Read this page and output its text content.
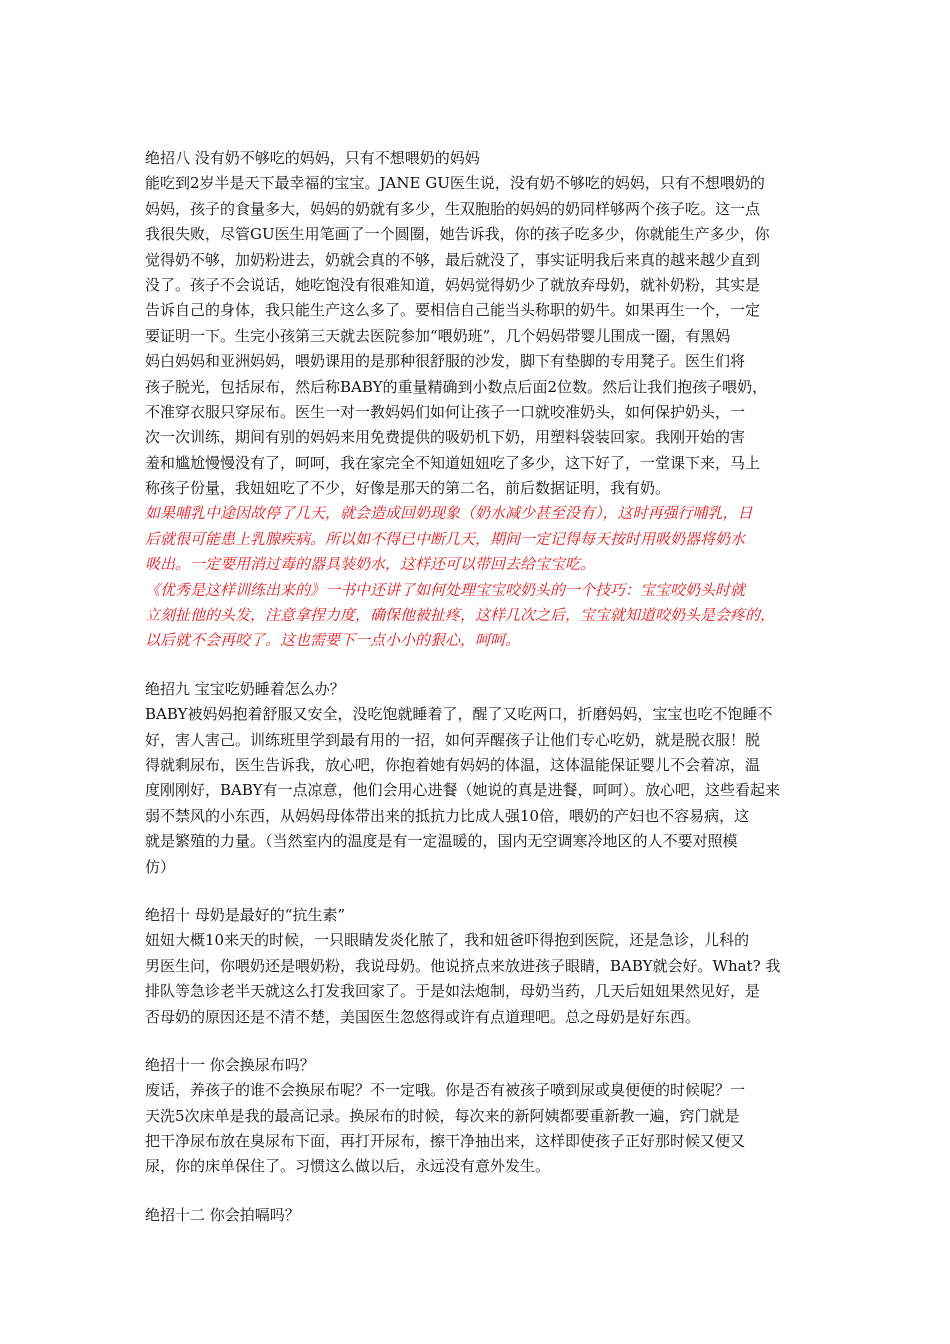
绝招八 没有奶不够吃的妈妈，只有不想喂奶的妈妈
能吃到2岁半是天下最幸福的宝宝。JANE GU医生说，没有奶不够吃的妈妈，只有不想喂奶的
妈妈，孩子的食量多大，妈妈的奶就有多少，生双胞胎的妈妈的奶同样够两个孩子吃。这一点
我很失败，尽管GU医生用笔画了一个圆圈，她告诉我，你的孩子吃多少，你就能生产多少，你
觉得奶不够，加奶粉进去，奶就会真的不够，最后就没了，事实证明我后来真的越来越少直到
没了。孩子不会说话，她吃饱没有很难知道，妈妈觉得奶少了就放弃母奶，就补奶粉，其实是
告诉自己的身体，我只能生产这么多了。要相信自己能当头称职的奶牛。如果再生一个，一定
要证明一下。生完小孩第三天就去医院参加“喂奶班”，几个妈妈带婴儿围成一圈，有黑妈
妈白妈妈和亚洲妈妈，喂奶课用的是那种很舒服的沙发，脚下有垫脚的专用凳子。医生们将
孩子脱光，包括尿布，然后称BABY的重量精确到小数点后面2位数。然后让我们抱孩子喂奶，
不准穿衣服只穿尿布。医生一对一教妈妈们如何让孩子一口就咬准奶头，如何保护奶头，一
次一次训练，期间有别的妈妈来用免费提供的吸奶机下奶，用塑料袋装回家。我刚开始的害
羞和尴尬慢慢没有了，呵呵，我在家完全不知道妞妞吃了多少，这下好了，一堂课下来，马上
称孩子份量，我妞妞吃了不少，好像是那天的第二名，前后数据证明，我有奶。
如果哺乳中途因故停了几天，就会造成回奶现象（奶水减少甚至没有），这时再强行哺乳，日
后就很可能患上乳腺疾病。所以如不得已中断几天，期间一定记得每天按时用吸奶器将奶水
吸出。一定要用消过毒的器具装奶水，这样还可以带回去给宝宝吃。
《优秀是这样训练出来的》一书中还讲了如何处理宝宝咬奶头的一个技巧：宝宝咬奶头时就
立刻扯他的头发，注意拿捏力度，确保他被扯疼，这样几次之后，宝宝就知道咬奶头是会疼的，
以后就不会再咬了。这也需要下一点小小的狠心，呵呵。
绝招九 宝宝吃奶睡着怎么办？
BABY被妈妈抱着舒服又安全，没吃饱就睡着了，醒了又吃两口，折磨妈妈，宝宝也吃不饱睡不
好，害人害己。训练班里学到最有用的一招，如何弄醒孩子让他们专心吃奶，就是脱衣服！脱
得就剩尿布，医生告诉我，放心吧，你抱着她有妈妈的体温，这体温能保证婴儿不会着凉，温
度刚刚好，BABY有一点凉意，他们会用心进餐（她说的真是进餐，呵呵）。放心吧，这些看起来
弱不禁风的小东西，从妈妈母体带出来的抵抗力比成人强10倍，喂奶的产妇也不容易病，这
就是繁殖的力量。（当然室内的温度是有一定温暖的，国内无空调寒冷地区的人不要对照模
仿）
绝招十 母奶是最好的“抗生素”
妞妞大概10来天的时候，一只眼睛发炎化脓了，我和妞爸吓得抱到医院，还是急诊，儿科的
男医生问，你喂奶还是喂奶粉，我说母奶。他说挤点来放进孩子眼睛，BABY就会好。What? 我
排队等急诊老半天就这么打发我回家了。于是如法炮制，母奶当药，几天后妞妞果然见好，是
否母奶的原因还是不清不楚，美国医生忽悠得或许有点道理吧。总之母奶是好东西。
绝招十一 你会换尿布吗？
废话，养孩子的谁不会换尿布呢？不一定哦。你是否有被孩子喷到尿或臭便便的时候呢？一
天洗5次床单是我的最高记录。换尿布的时候，每次来的新阿姨都要重新教一遍，窍门就是
把干净尿布放在臭尿布下面，再打开尿布，擦干净抽出来，这样即使孩子正好那时候又便又
尿，你的床单保住了。习惯这么做以后，永远没有意外发生。
绝招十二 你会拍嗝吗？
